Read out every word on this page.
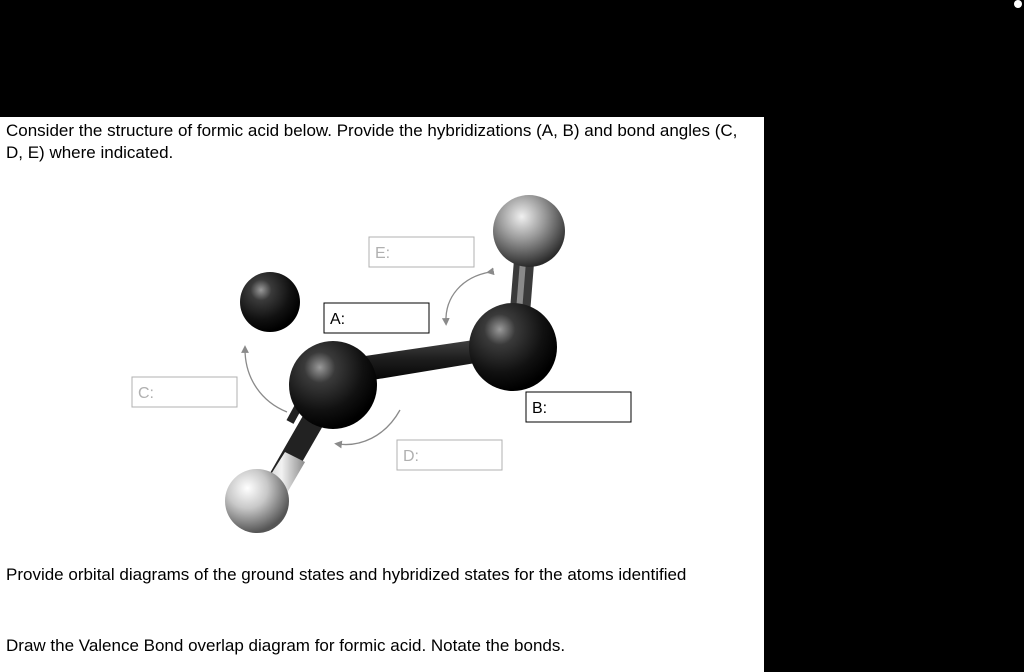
Consider the structure of formic acid below. Provide the hybridizations (A, B) and bond angles (C, D, E) where indicated.

E:
A:
C:
B:
D:

Provide orbital diagrams of the ground states and hybridized states for the atoms identified

Draw the Valence Bond overlap diagram for formic acid. Notate the bonds.
